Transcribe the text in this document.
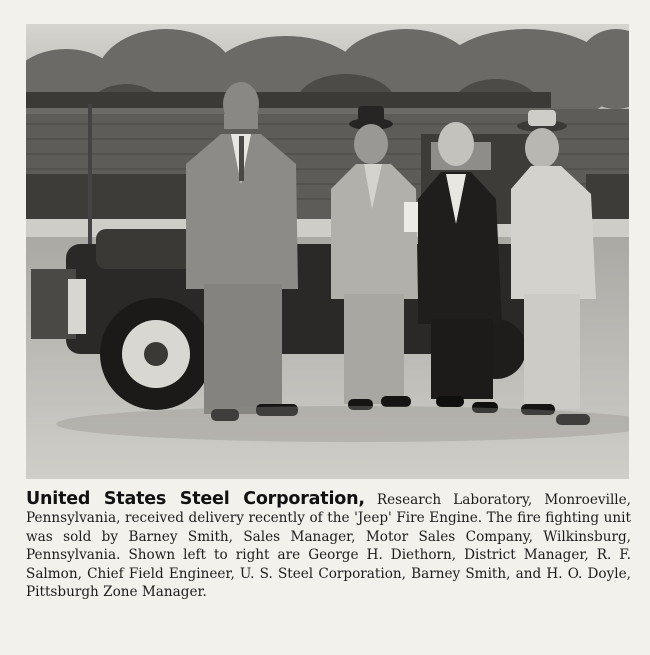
United States Steel Corporation, Research Laboratory, Monroeville, Pennsylvania, received delivery recently of the 'Jeep' Fire Engine. The fire fighting unit was sold by Barney Smith, Sales Manager, Motor Sales Company, Wilkinsburg, Pennsylvania. Shown left to right are George H. Diethorn, District Manager, R. F. Salmon, Chief Field Engineer, U. S. Steel Corporation, Barney Smith, and H. O. Doyle, Pittsburgh Zone Manager.
